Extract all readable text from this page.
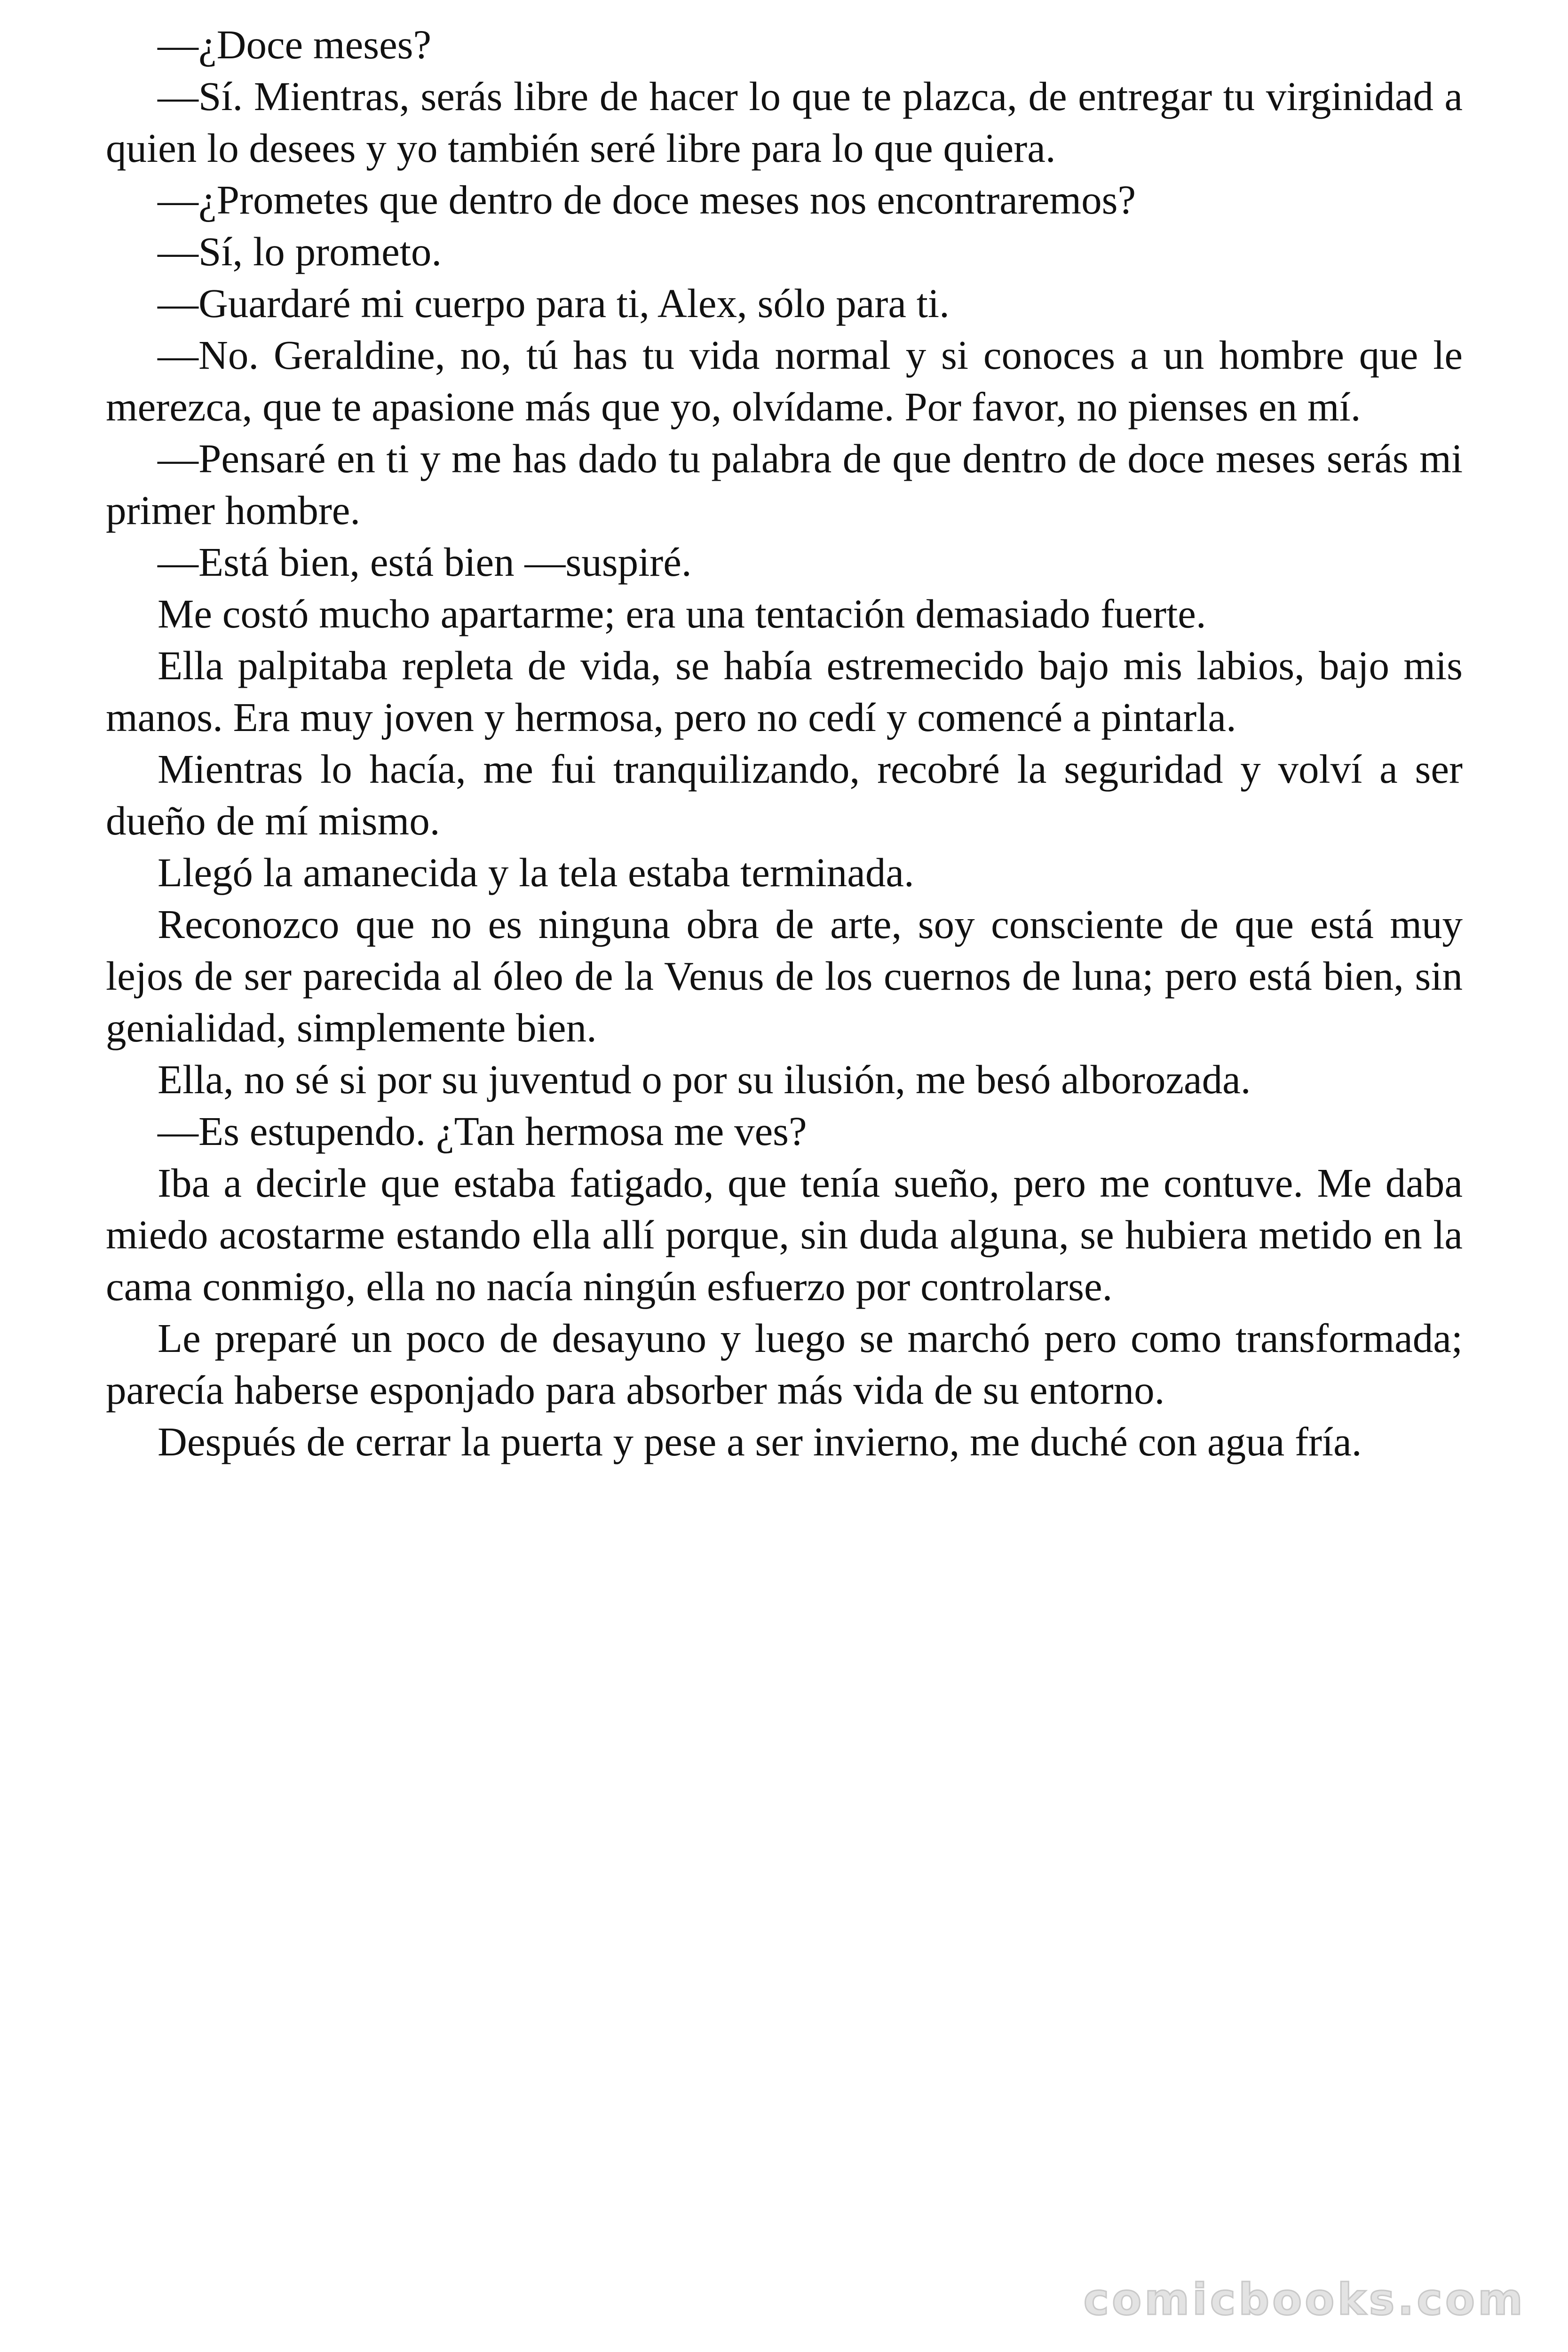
—¿Doce meses?

—Sí. Mientras, serás libre de hacer lo que te plazca, de entregar tu virginidad a quien lo desees y yo también seré libre para lo que quiera.

—¿Prometes que dentro de doce meses nos encontraremos?

—Sí, lo prometo.

—Guardaré mi cuerpo para ti, Alex, sólo para ti.

—No. Geraldine, no, tú has tu vida normal y si conoces a un hombre que le merezca, que te apasione más que yo, olvídame. Por favor, no pienses en mí.

—Pensaré en ti y me has dado tu palabra de que dentro de doce meses serás mi primer hombre.

—Está bien, está bien —suspiré.

Me costó mucho apartarme; era una tentación demasiado fuerte.

Ella palpitaba repleta de vida, se había estremecido bajo mis labios, bajo mis manos. Era muy joven y hermosa, pero no cedí y comencé a pintarla.

Mientras lo hacía, me fui tranquilizando, recobré la seguridad y volví a ser dueño de mí mismo.

Llegó la amanecida y la tela estaba terminada.

Reconozco que no es ninguna obra de arte, soy consciente de que está muy lejos de ser parecida al óleo de la Venus de los cuernos de luna; pero está bien, sin genialidad, simplemente bien.

Ella, no sé si por su juventud o por su ilusión, me besó alborozada.

—Es estupendo. ¿Tan hermosa me ves?

Iba a decirle que estaba fatigado, que tenía sueño, pero me contuve. Me daba miedo acostarme estando ella allí porque, sin duda alguna, se hubiera metido en la cama conmigo, ella no nacía ningún esfuerzo por controlarse.

Le preparé un poco de desayuno y luego se marchó pero como transformada; parecía haberse esponjado para absorber más vida de su entorno.

Después de cerrar la puerta y pese a ser invierno, me duché con agua fría.

comicbooks.com
